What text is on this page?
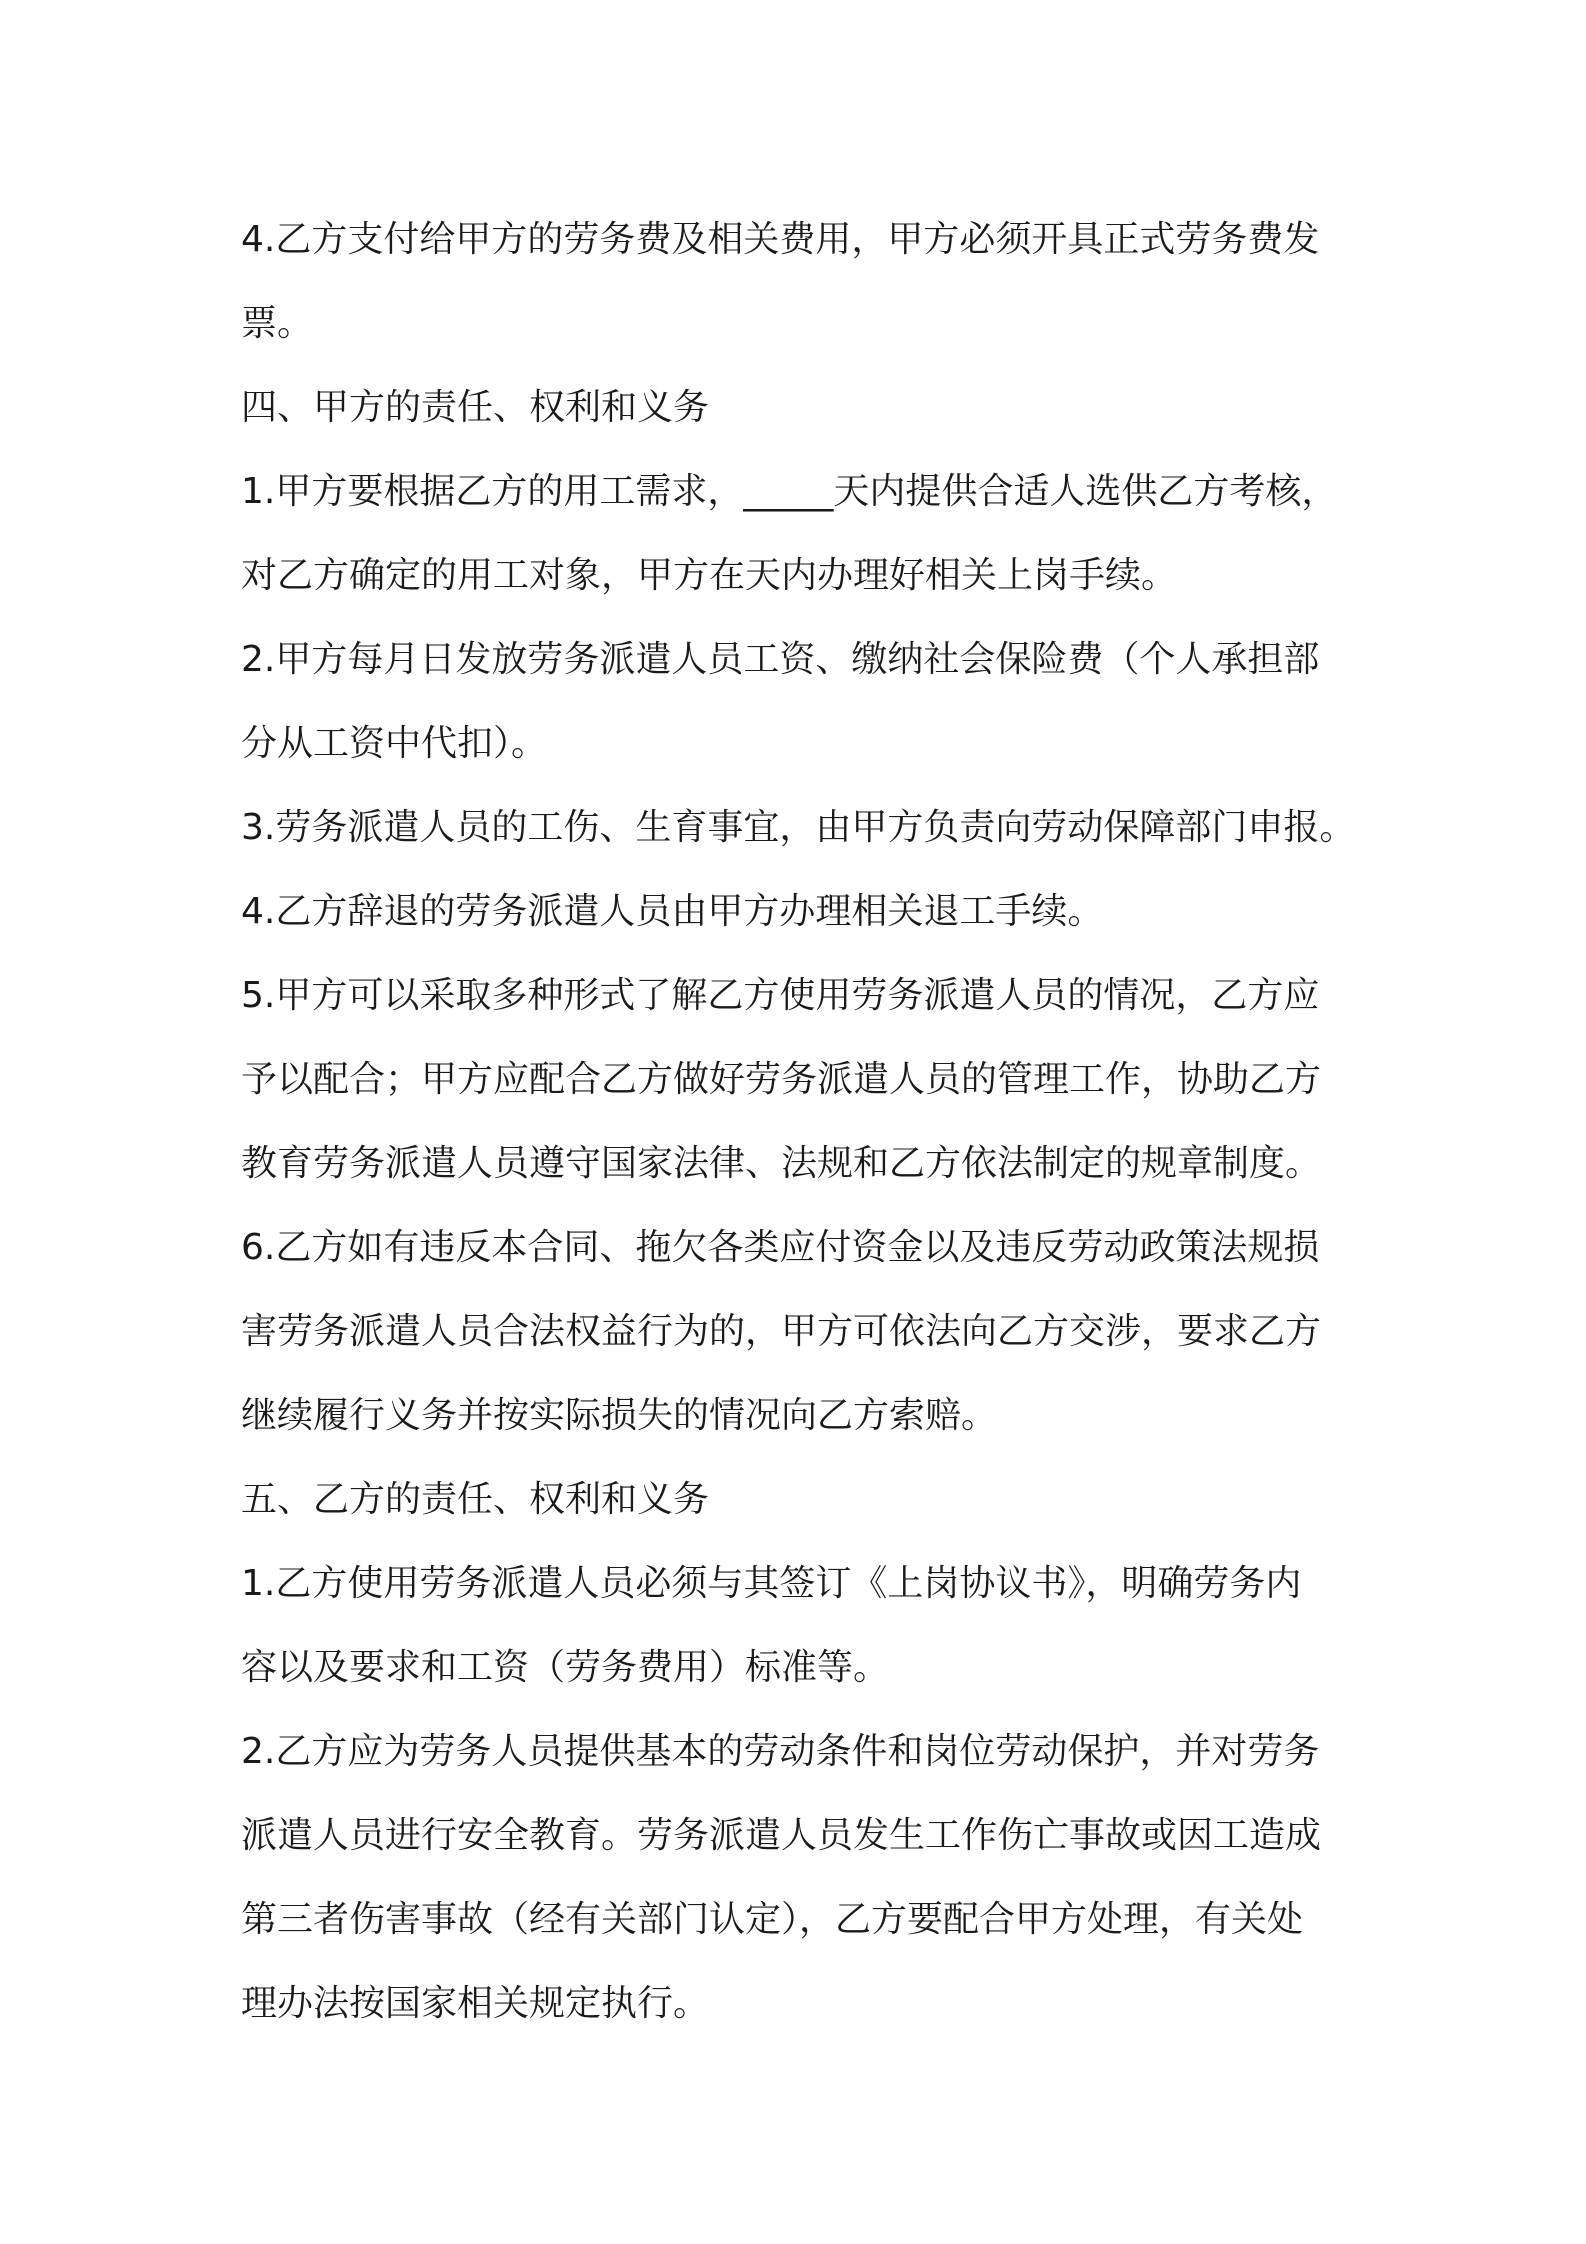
4.乙方支付给甲方的劳务费及相关费用，甲方必须开具正式劳务费发
票。
四、甲方的责任、权利和义务
1.甲方要根据乙方的用工需求，_____天内提供合适人选供乙方考核，
对乙方确定的用工对象，甲方在天内办理好相关上岗手续。
2.甲方每月日发放劳务派遣人员工资、缴纳社会保险费（个人承担部
分从工资中代扣）。
3.劳务派遣人员的工伤、生育事宜，由甲方负责向劳动保障部门申报。
4.乙方辞退的劳务派遣人员由甲方办理相关退工手续。
5.甲方可以采取多种形式了解乙方使用劳务派遣人员的情况，乙方应
予以配合；甲方应配合乙方做好劳务派遣人员的管理工作，协助乙方
教育劳务派遣人员遵守国家法律、法规和乙方依法制定的规章制度。
6.乙方如有违反本合同、拖欠各类应付资金以及违反劳动政策法规损
害劳务派遣人员合法权益行为的，甲方可依法向乙方交涉，要求乙方
继续履行义务并按实际损失的情况向乙方索赔。
五、乙方的责任、权利和义务
1.乙方使用劳务派遣人员必须与其签订《上岗协议书》，明确劳务内
容以及要求和工资（劳务费用）标准等。
2.乙方应为劳务人员提供基本的劳动条件和岗位劳动保护，并对劳务
派遣人员进行安全教育。劳务派遣人员发生工作伤亡事故或因工造成
第三者伤害事故（经有关部门认定），乙方要配合甲方处理，有关处
理办法按国家相关规定执行。
